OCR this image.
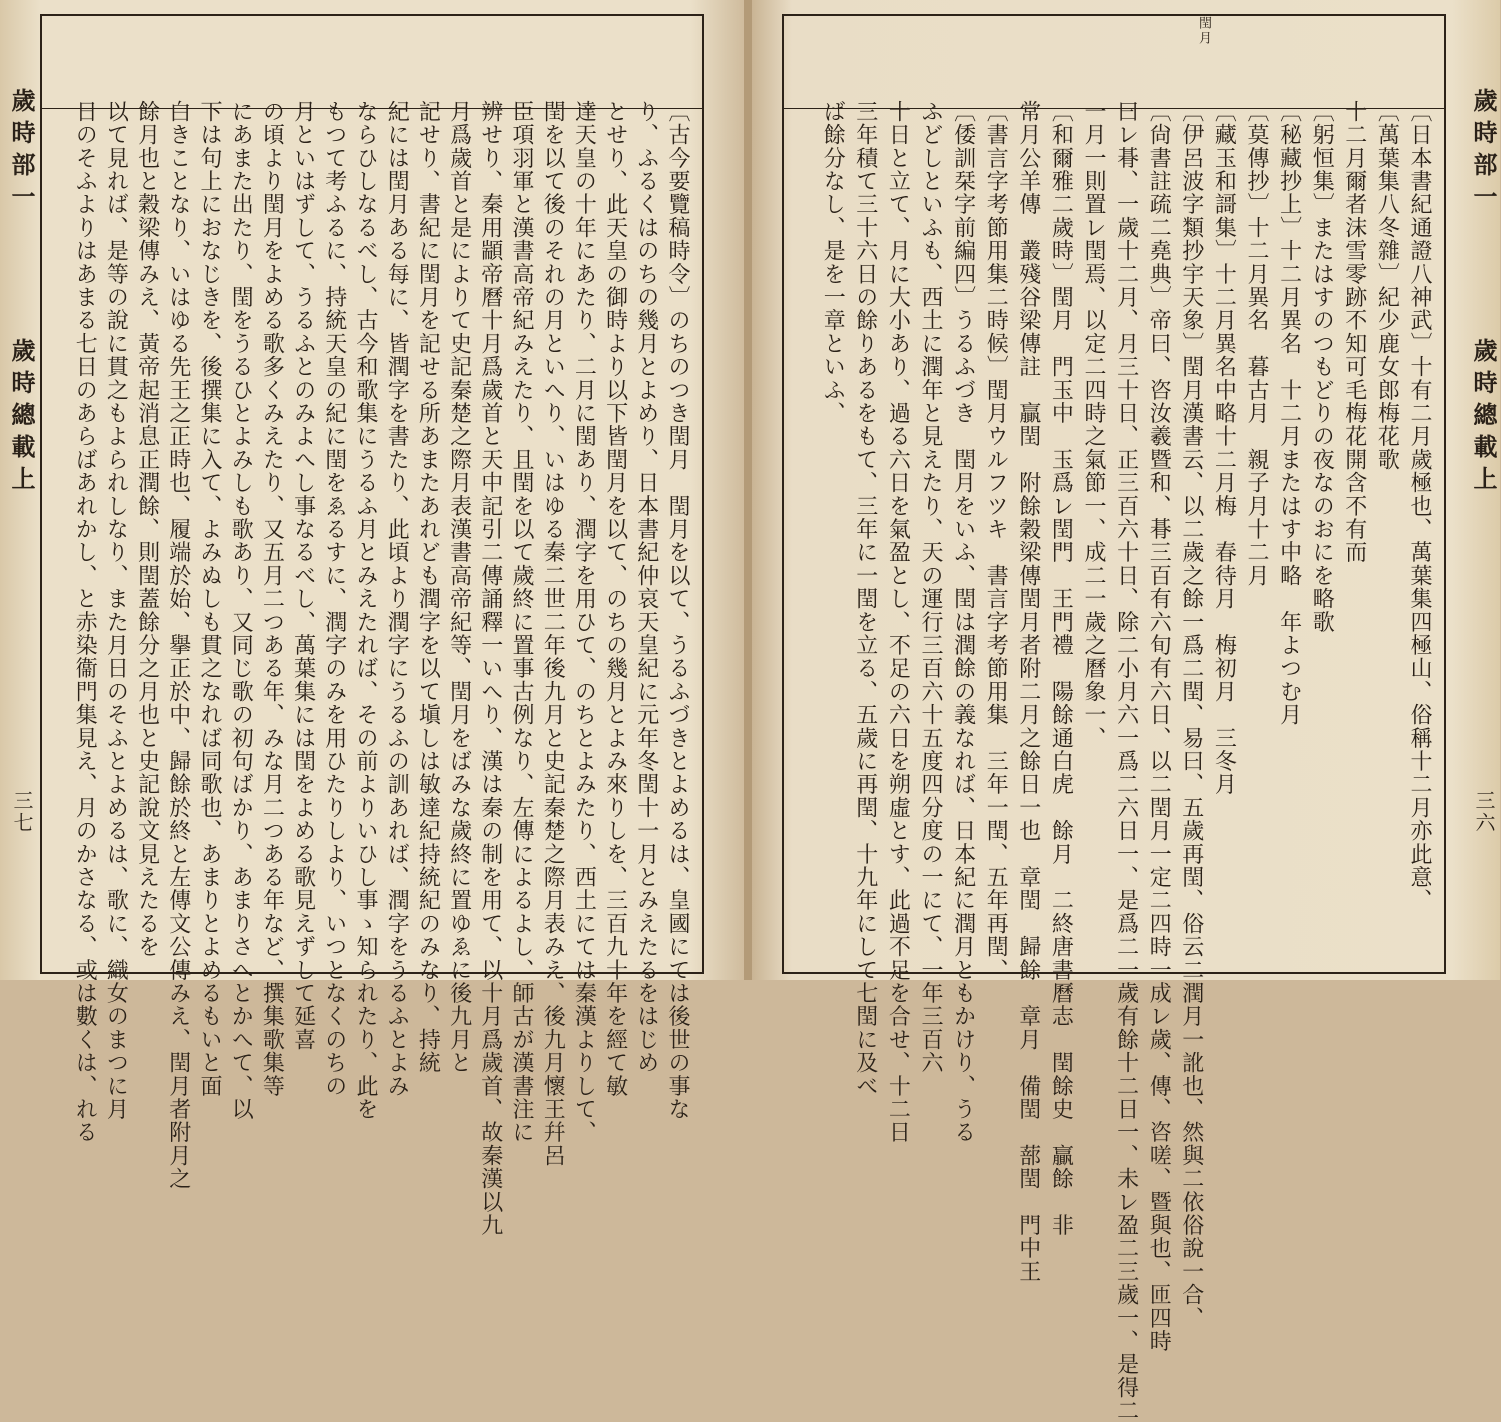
歲時部一
歲時總載上
三七	〔古今要覽稿時令〕のちのつき閏月　閏月を以て、うるふづきとよめるは、皇國にては後世の事な
り、ふるくはのちの幾月とよめり、日本書紀仲哀天皇紀に元年冬閏十一月とみえたるをはじめ
とせり、此天皇の御時より以下皆閏月を以て、のちの幾月とよみ來りしを、三百九十年を經て敏
達天皇の十年にあたり、二月に閏あり、潤字を用ひて、のちとよみたり、西土にては秦漢よりして、
閏を以て後のそれの月といへり、いはゆる秦二世二年後九月と史記秦楚之際月表みえ、後九月懷王幷呂
臣項羽軍と漢書高帝紀みえたり、且閏を以て歲終に置事古例なり、左傳によるよし、師古が漢書注に
辨せり、秦用顓帝曆十月爲歲首と天中記引二傳誦釋一いへり、漢は秦の制を用て、以十月爲歲首、故秦漢以九
月爲歲首と是によりて史記秦楚之際月表漢書高帝紀等、閏月をばみな歲終に置ゆゑに後九月と
記せり、書紀に閏月を記せる所あまたあれども潤字を以て塡しは敏達紀持統紀のみなり、持統
紀には閏月ある每に、皆潤字を書たり、此頃より潤字にうるふの訓あれば、潤字をうるふとよみ
ならひしなるべし、古今和歌集にうるふ月とみえたれば、その前よりいひし事ゝ知られたり、此を
もつて考ふるに、持統天皇の紀に閏をゑるすに、潤字のみを用ひたりしより、いつとなくのちの
月といはずして、うるふとのみよへし事なるべし、萬葉集には閏をよめる歌見えずして延喜
の頃より閏月をよめる歌多くみえたり、又五月二つある年、みな月二つある年など、撰集歌集等
にあまた出たり、閏をうるひとよみしも歌あり、又同じ歌の初句ばかり、あまりさへとかへて、以
下は句上におなじきを、後撰集に入て、よみぬしも貫之なれば同歌也、あまりとよめるもいと面
白きことなり、いはゆる先王之正時也、履端於始、擧正於中、歸餘於終と左傳文公傳みえ、閏月者附月之
餘月也と穀梁傳みえ、黃帝起消息正潤餘、則閏蓋餘分之月也と史記說文見えたるを
以て見れば、是等の說に貫之もよられしなり、また月日のそふとよめるは、歌に、織女のまつに月
日のそふよりはあまる七日のあらばあれかし、と赤染衞門集見え、月のかさなる、或は數くは、れる
閏月
歲時部一
歲時總載上
三六
〔日本書紀通證八神武〕十有二月歲極也、萬葉集四極山、俗稱十二月亦此意、
〔萬葉集八冬雜〕紀少鹿女郎梅花歌
十二月爾者沫雪零跡不知可毛梅花開含不有而
〔躬恒集〕またはすのつもどりの夜なのおにを略歌
〔秘藏抄上〕十二月異名　十二月またはす中略　年よつむ月
〔莫傳抄〕十二月異名　暮古月　親子月十二月
〔藏玉和謌集〕十二月異名中略十二月梅　春待月　梅初月　三冬月
〔伊呂波字類抄宇天象〕閏月漢書云、以二歲之餘一爲二閏、易曰、五歲再閏、俗云二潤月一訛也、然與二依俗說一合、
〔尙書註疏二堯典〕帝曰、咨汝羲暨和、朞三百有六旬有六日、以二閏月一定二四時一成レ歲、傳、咨嗟、暨與也、匝四時
曰レ朞、一歲十二月、月三十日、正三百六十日、除二小月六一爲二六日一、是爲二一歲有餘十二日一、未レ盈二三歲一、是得二
一月一則置レ閏焉、以定二四時之氣節一、成二一歲之曆象一、
〔和爾雅二歲時〕閏月　門玉中　玉爲レ閏門　王門禮　陽餘通白虎　餘月　二終唐書曆志　閏餘史　贏餘　非
常月公羊傳　叢殘谷梁傳註　贏閏　附餘穀梁傳閏月者附二月之餘日一也　章閏　歸餘　章月　備閏　蔀閏　門中王
〔書言字考節用集二時候〕閏月ウルフツキ　書言字考節用集　三年一閏、五年再閏、
〔倭訓栞字前編四〕うるふづき　閏月をいふ、閏は潤餘の義なれば、日本紀に潤月ともかけり、うる
ふどしといふも、西土に潤年と見えたり、天の運行三百六十五度四分度の一にて、一年三百六
十日と立て、月に大小あり、過る六日を氣盈とし、不足の六日を朔虛とす、此過不足を合せ、十二日
三年積て三十六日の餘りあるをもて、三年に一閏を立る、五歲に再閏、十九年にして七閏に及べ
ば餘分なし、是を一章といふ、
